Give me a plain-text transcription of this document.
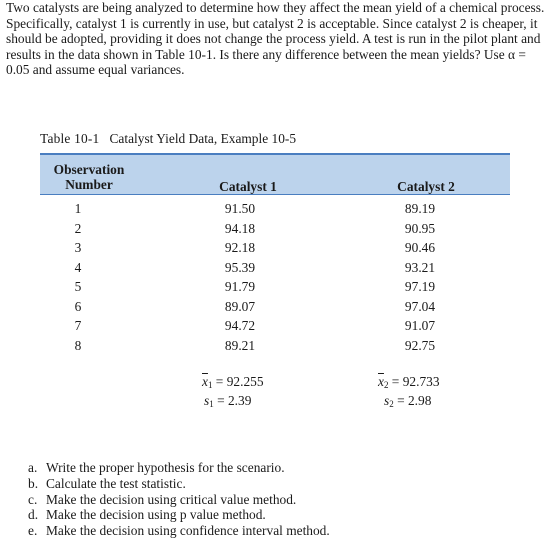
Two catalysts are being analyzed to determine how they affect the mean yield of a chemical process. Specifically, catalyst 1 is currently in use, but catalyst 2 is acceptable. Since catalyst 2 is cheaper, it should be adopted, providing it does not change the process yield. A test is run in the pilot plant and results in the data shown in Table 10-1. Is there any difference between the mean yields? Use α = 0.05 and assume equal variances.

Table 10-1 Catalyst Yield Data, Example 10-5

Observation
Number	Catalyst 1	Catalyst 2
1	91.50	89.19
2	94.18	90.95
3	92.18	90.46
4	95.39	93.21
5	91.79	97.19
6	89.07	97.04
7	94.72	91.07
8	89.21	92.75
$\overline{x}_1 = 92.255$
$s_1 = 2.39$
$\overline{x}_2 = 92.733$
$s_2 = 2.98$
a. Write the proper hypothesis for the scenario.
b. Calculate the test statistic.
c. Make the decision using critical value method.
d. Make the decision using p value method.
e. Make the decision using confidence interval method.
